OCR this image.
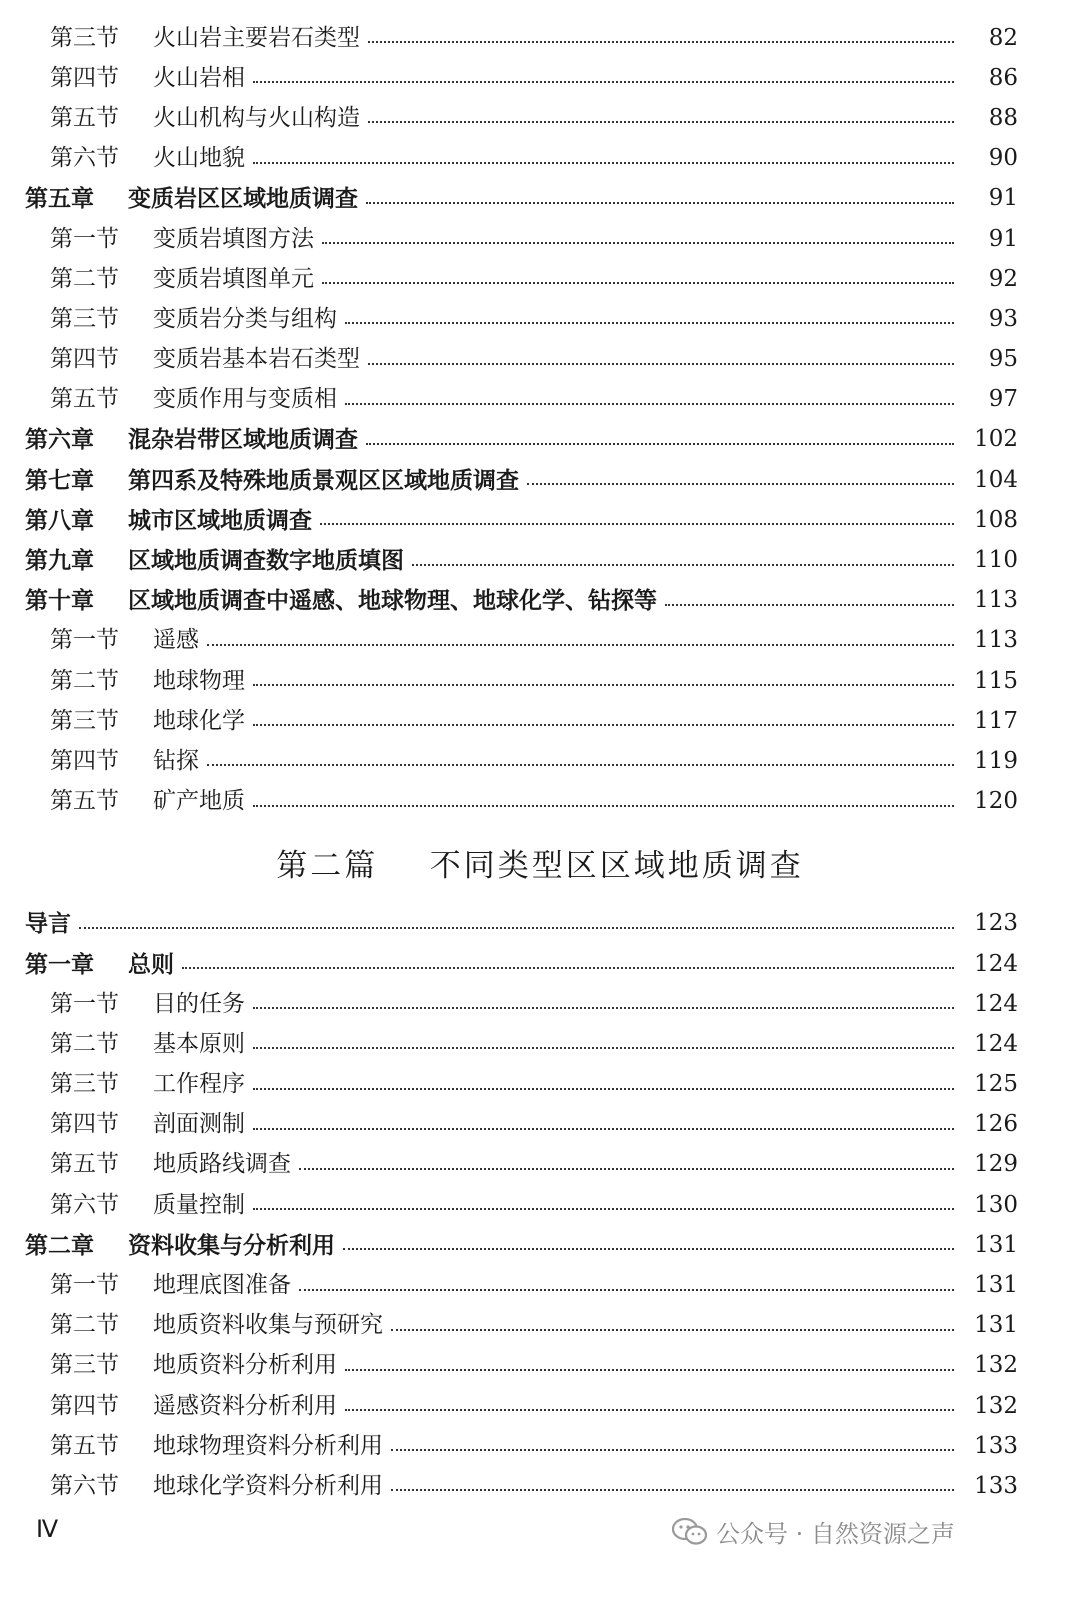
第三节	火山岩主要岩石类型	82
第四节	火山岩相	86
第五节	火山机构与火山构造	88
第六节	火山地貌	90
第五章	变质岩区区域地质调查	91
第一节	变质岩填图方法	91
第二节	变质岩填图单元	92
第三节	变质岩分类与组构	93
第四节	变质岩基本岩石类型	95
第五节	变质作用与变质相	97
第六章	混杂岩带区域地质调查	102
第七章	第四系及特殊地质景观区区域地质调查	104
第八章	城市区域地质调查	108
第九章	区域地质调查数字地质填图	110
第十章	区域地质调查中遥感、地球物理、地球化学、钻探等	113
第一节	遥感	113
第二节	地球物理	115
第三节	地球化学	117
第四节	钻探	119
第五节	矿产地质	120
第二篇
不同类型区区域地质调查
导言	123
第一章	总则	124
第一节	目的任务	124
第二节	基本原则	124
第三节	工作程序	125
第四节	剖面测制	126
第五节	地质路线调查	129
第六节	质量控制	130
第二章	资料收集与分析利用	131
第一节	地理底图准备	131
第二节	地质资料收集与预研究	131
第三节	地质资料分析利用	132
第四节	遥感资料分析利用	132
第五节	地球物理资料分析利用	133
第六节	地球化学资料分析利用	133
Ⅳ	公众号 · 自然资源之声
